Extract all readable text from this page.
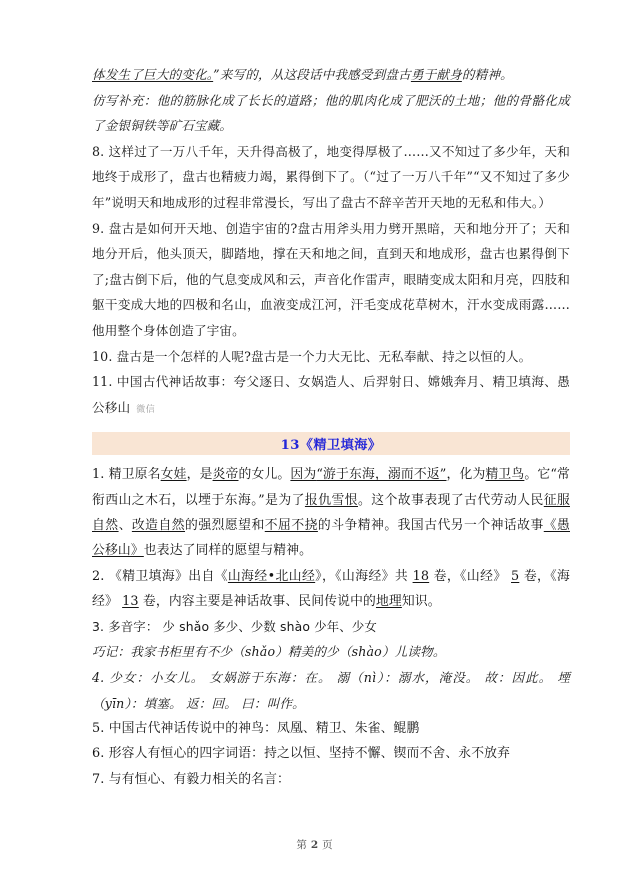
体发生了巨大的变化。”来写的，从这段话中我感受到盘古勇于献身的精神。

仿写补充：他的筋脉化成了长长的道路；他的肌肉化成了肥沃的土地；他的骨骼化成了金银铜铁等矿石宝藏。

8. 这样过了一万八千年，天升得高极了，地变得厚极了……又不知过了多少年，天和地终于成形了，盘古也精疲力竭，累得倒下了。（“过了一万八千年”“又不知过了多少年”说明天和地成形的过程非常漫长，写出了盘古不辞辛苦开天地的无私和伟大。）

9. 盘古是如何开天地、创造宇宙的?盘古用斧头用力劈开黑暗，天和地分开了；天和地分开后，他头顶天，脚踏地，撑在天和地之间，直到天和地成形，盘古也累得倒下了;盘古倒下后，他的气息变成风和云，声音化作雷声，眼睛变成太阳和月亮，四肢和躯干变成大地的四极和名山，血液变成江河，汗毛变成花草树木，汗水变成雨露……他用整个身体创造了宇宙。

10. 盘古是一个怎样的人呢?盘古是一个力大无比、无私奉献、持之以恒的人。

11. 中国古代神话故事：夸父逐日、女娲造人、后羿射日、嫦娥奔月、精卫填海、愚公移山 微信

13《精卫填海》

1. 精卫原名女娃，是炎帝的女儿。因为“游于东海，溺而不返”，化为精卫鸟。它“常衔西山之木石，以堙于东海。”是为了报仇雪恨。这个故事表现了古代劳动人民征服自然、改造自然的强烈愿望和不屈不挠的斗争精神。我国古代另一个神话故事《愚公移山》也表达了同样的愿望与精神。

2. 《精卫填海》出自《山海经•北山经》，《山海经》共 18 卷，《山经》 5 卷，《海经》 13 卷，内容主要是神话故事、民间传说中的地理知识。

3. 多音字： 少 shǎo 多少、少数 shào 少年、少女

巧记：我家书柜里有不少（shǎo）精美的少（shào）儿读物。

4. 少女：小女儿。 女娲游于东海：在。 溺（nì）：溺水，淹没。 故：因此。 堙（yīn）：填塞。 返：回。 曰：叫作。

5. 中国古代神话传说中的神鸟：凤凰、精卫、朱雀、鲲鹏

6. 形容人有恒心的四字词语：持之以恒、坚持不懈、锲而不舍、永不放弃

7. 与有恒心、有毅力相关的名言：

第 2 页
